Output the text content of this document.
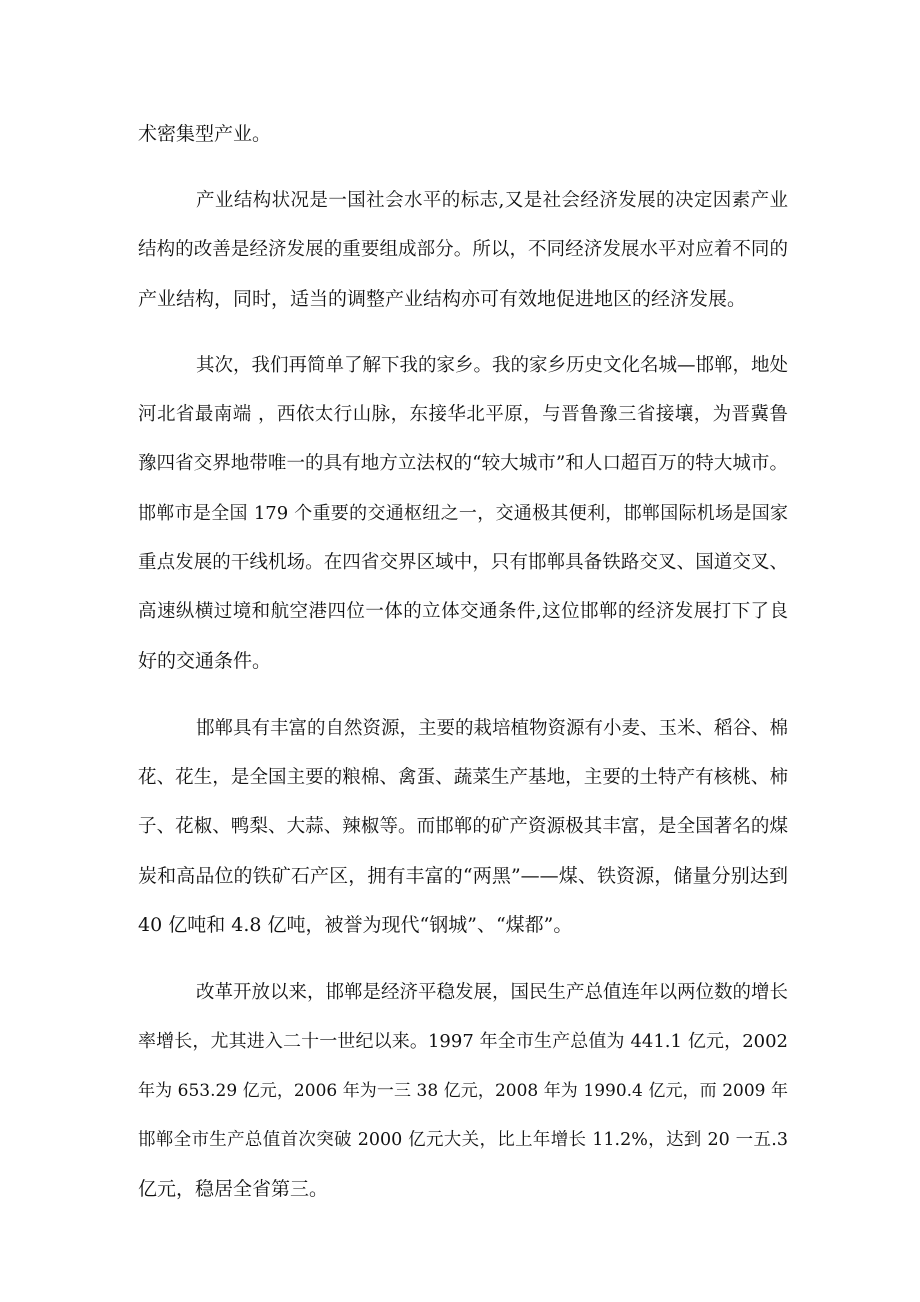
术密集型产业。
产业结构状况是一国社会水平的标志,又是社会经济发展的决定因素产业
结构的改善是经济发展的重要组成部分。所以，不同经济发展水平对应着不同的
产业结构，同时，适当的调整产业结构亦可有效地促进地区的经济发展。
其次，我们再简单了解下我的家乡。我的家乡历史文化名城—邯郸，地处
河北省最南端 ，西依太行山脉，东接华北平原，与晋鲁豫三省接壤，为晋冀鲁
豫四省交界地带唯一的具有地方立法权的“较大城市”和人口超百万的特大城市。
邯郸市是全国 179 个重要的交通枢纽之一，交通极其便利，邯郸国际机场是国家
重点发展的干线机场。在四省交界区域中，只有邯郸具备铁路交叉、国道交叉、
高速纵横过境和航空港四位一体的立体交通条件,这位邯郸的经济发展打下了良
好的交通条件。
邯郸具有丰富的自然资源，主要的栽培植物资源有小麦、玉米、稻谷、棉
花、花生，是全国主要的粮棉、禽蛋、蔬菜生产基地，主要的土特产有核桃、柿
子、花椒、鸭梨、大蒜、辣椒等。而邯郸的矿产资源极其丰富，是全国著名的煤
炭和高品位的铁矿石产区，拥有丰富的“两黑”——煤、铁资源，储量分别达到
40 亿吨和 4.8 亿吨，被誉为现代“钢城”、“煤都”。
改革开放以来，邯郸是经济平稳发展，国民生产总值连年以两位数的增长
率增长，尤其进入二十一世纪以来。1997 年全市生产总值为 441.1 亿元，2002
年为 653.29 亿元，2006 年为一三 38 亿元，2008 年为 1990.4 亿元，而 2009 年
邯郸全市生产总值首次突破 2000 亿元大关，比上年增长 11.2%，达到 20 一五.3
亿元，稳居全省第三。
